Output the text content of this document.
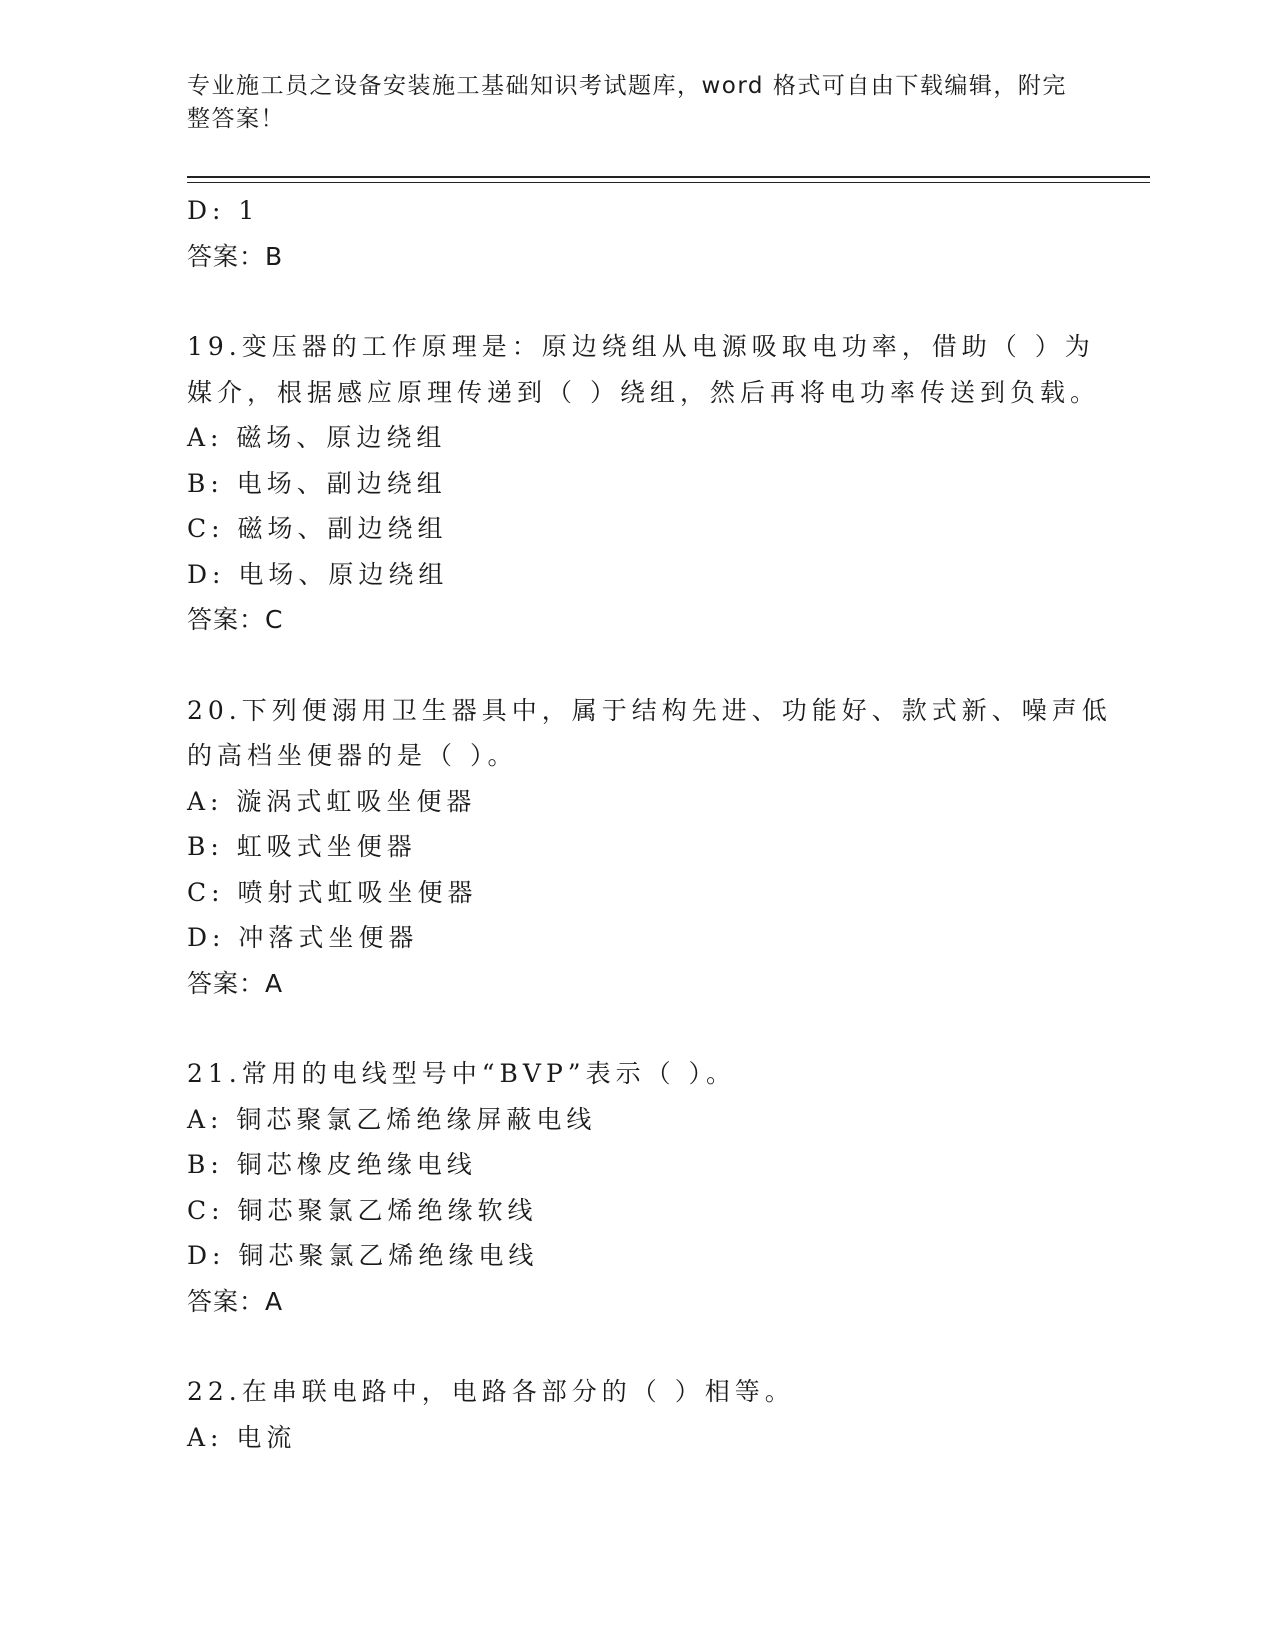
专业施工员之设备安装施工基础知识考试题库，word 格式可自由下载编辑，附完
整答案！
D: 1
答案：B
19.变压器的工作原理是：原边绕组从电源吸取电功率，借助（ ）为
媒介，根据感应原理传递到（ ）绕组，然后再将电功率传送到负载。
A: 磁场、原边绕组
B: 电场、副边绕组
C: 磁场、副边绕组
D: 电场、原边绕组
答案：C
20.下列便溺用卫生器具中，属于结构先进、功能好、款式新、噪声低
的高档坐便器的是（ ）。
A: 漩涡式虹吸坐便器
B: 虹吸式坐便器
C: 喷射式虹吸坐便器
D: 冲落式坐便器
答案：A
21.常用的电线型号中“BVP”表示（ ）。
A: 铜芯聚氯乙烯绝缘屏蔽电线
B: 铜芯橡皮绝缘电线
C: 铜芯聚氯乙烯绝缘软线
D: 铜芯聚氯乙烯绝缘电线
答案：A
22.在串联电路中，电路各部分的（ ）相等。
A: 电流
